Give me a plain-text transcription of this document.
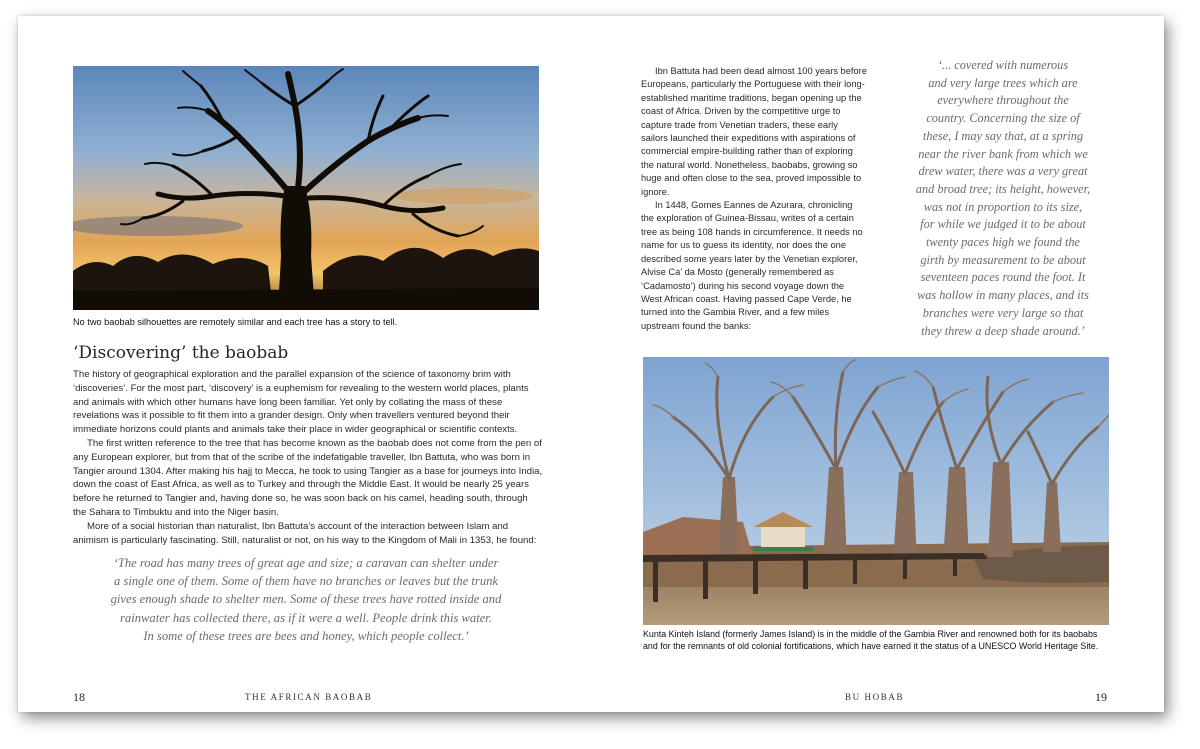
No two baobab silhouettes are remotely similar and each tree has a story to tell.
‘Discovering’ the baobab

The history of geographical exploration and the parallel expansion of the science of taxonomy brim with ‘discoveries’. For the most part, ‘discovery’ is a euphemism for revealing to the western world places, plants and animals with which other humans have long been familiar. Yet only by collating the mass of these revelations was it possible to fit them into a grander design. Only when travellers ventured beyond their immediate horizons could plants and animals take their place in wider geographical or scientific contexts.

The first written reference to the tree that has become known as the baobab does not come from the pen of any European explorer, but from that of the scribe of the indefatigable traveller, Ibn Battuta, who was born in Tangier around 1304. After making his hajj to Mecca, he took to using Tangier as a base for journeys into India, down the coast of East Africa, as well as to Turkey and through the Middle East. It would be nearly 25 years before he returned to Tangier and, having done so, he was soon back on his camel, heading south, through the Sahara to Timbuktu and into the Niger basin.

More of a social historian than naturalist, Ibn Battuta’s account of the interaction between Islam and animism is particularly fascinating. Still, naturalist or not, on his way to the Kingdom of Mali in 1353, he found:

‘The road has many trees of great age and size; a caravan can shelter under
a single one of them. Some of them have no branches or leaves but the trunk
gives enough shade to shelter men. Some of these trees have rotted inside and
rainwater has collected there, as if it were a well. People drink this water.
In some of these trees are bees and honey, which people collect.’
18	THE AFRICAN BAOBAB

Ibn Battuta had been dead almost 100 years before Europeans, particularly the Portuguese with their long-established maritime traditions, began opening up the coast of Africa. Driven by the competitive urge to capture trade from Venetian traders, these early sailors launched their expeditions with aspirations of commercial empire-building rather than of exploring the natural world. Nonetheless, baobabs, growing so huge and often close to the sea, proved impossible to ignore.

In 1448, Gomes Eannes de Azurara, chronicling the exploration of Guinea-Bissau, writes of a certain tree as being 108 hands in circumference. It needs no name for us to guess its identity, nor does the one described some years later by the Venetian explorer, Alvise Ca’ da Mosto (generally remembered as ‘Cadamosto’) during his second voyage down the West African coast. Having passed Cape Verde, he turned into the Gambia River, and a few miles upstream found the banks:

‘... covered with numerous
and very large trees which are
everywhere throughout the
country. Concerning the size of
these, I may say that, at a spring
near the river bank from which we
drew water, there was a very great
and broad tree; its height, however,
was not in proportion to its size,
for while we judged it to be about
twenty paces high we found the
girth by measurement to be about
seventeen paces round the foot. It
was hollow in many places, and its
branches were very large so that
they threw a deep shade around.’
Kunta Kinteh Island (formerly James Island) is in the middle of the Gambia River and renowned both for its baobabs
and for the remnants of old colonial fortifications, which have earned it the status of a UNESCO World Heritage Site.
BU HOBAB	19
